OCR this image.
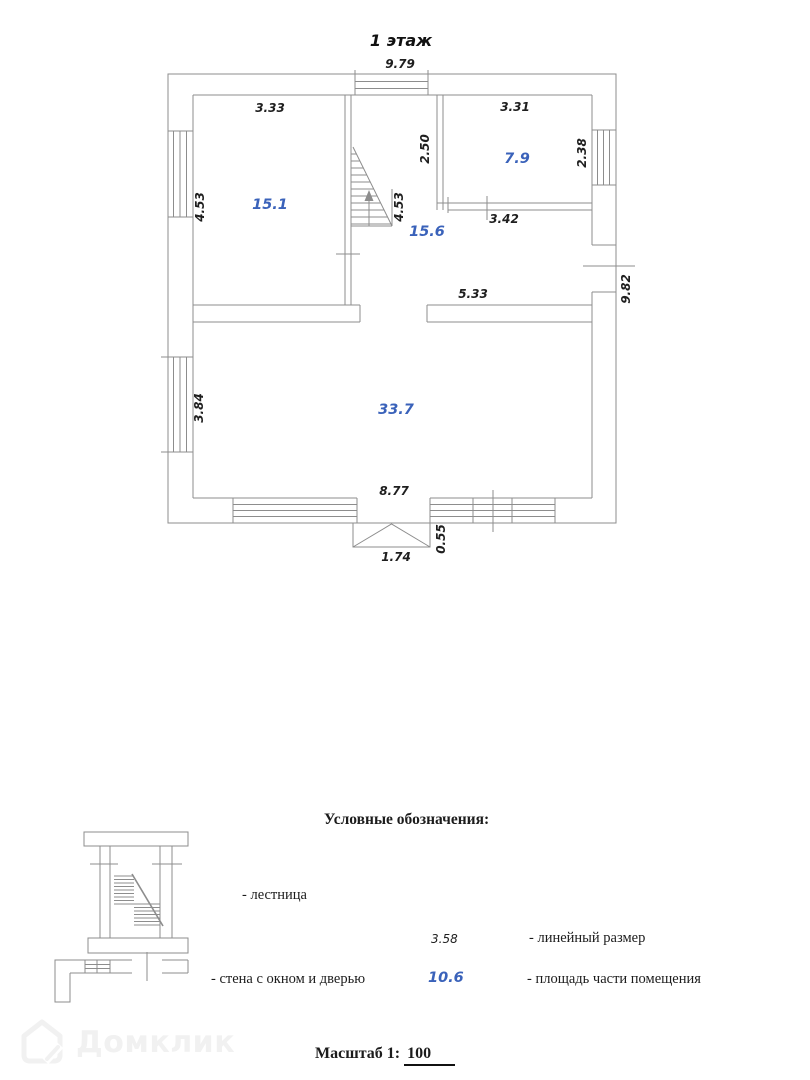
1 этаж
9.79
3.33	3.31
2.38
2.50	7.9
4.53	15.1	4.53
15.6
3.42
5.33	9.82
3.84	33.7
8.77
0.55
1.74
Условные обозначения:
- лестница
3.58	- линейный размер
- стена с окном и дверью	10.6	- площадь части помещения
Масштаб 1: 100
Домклик
